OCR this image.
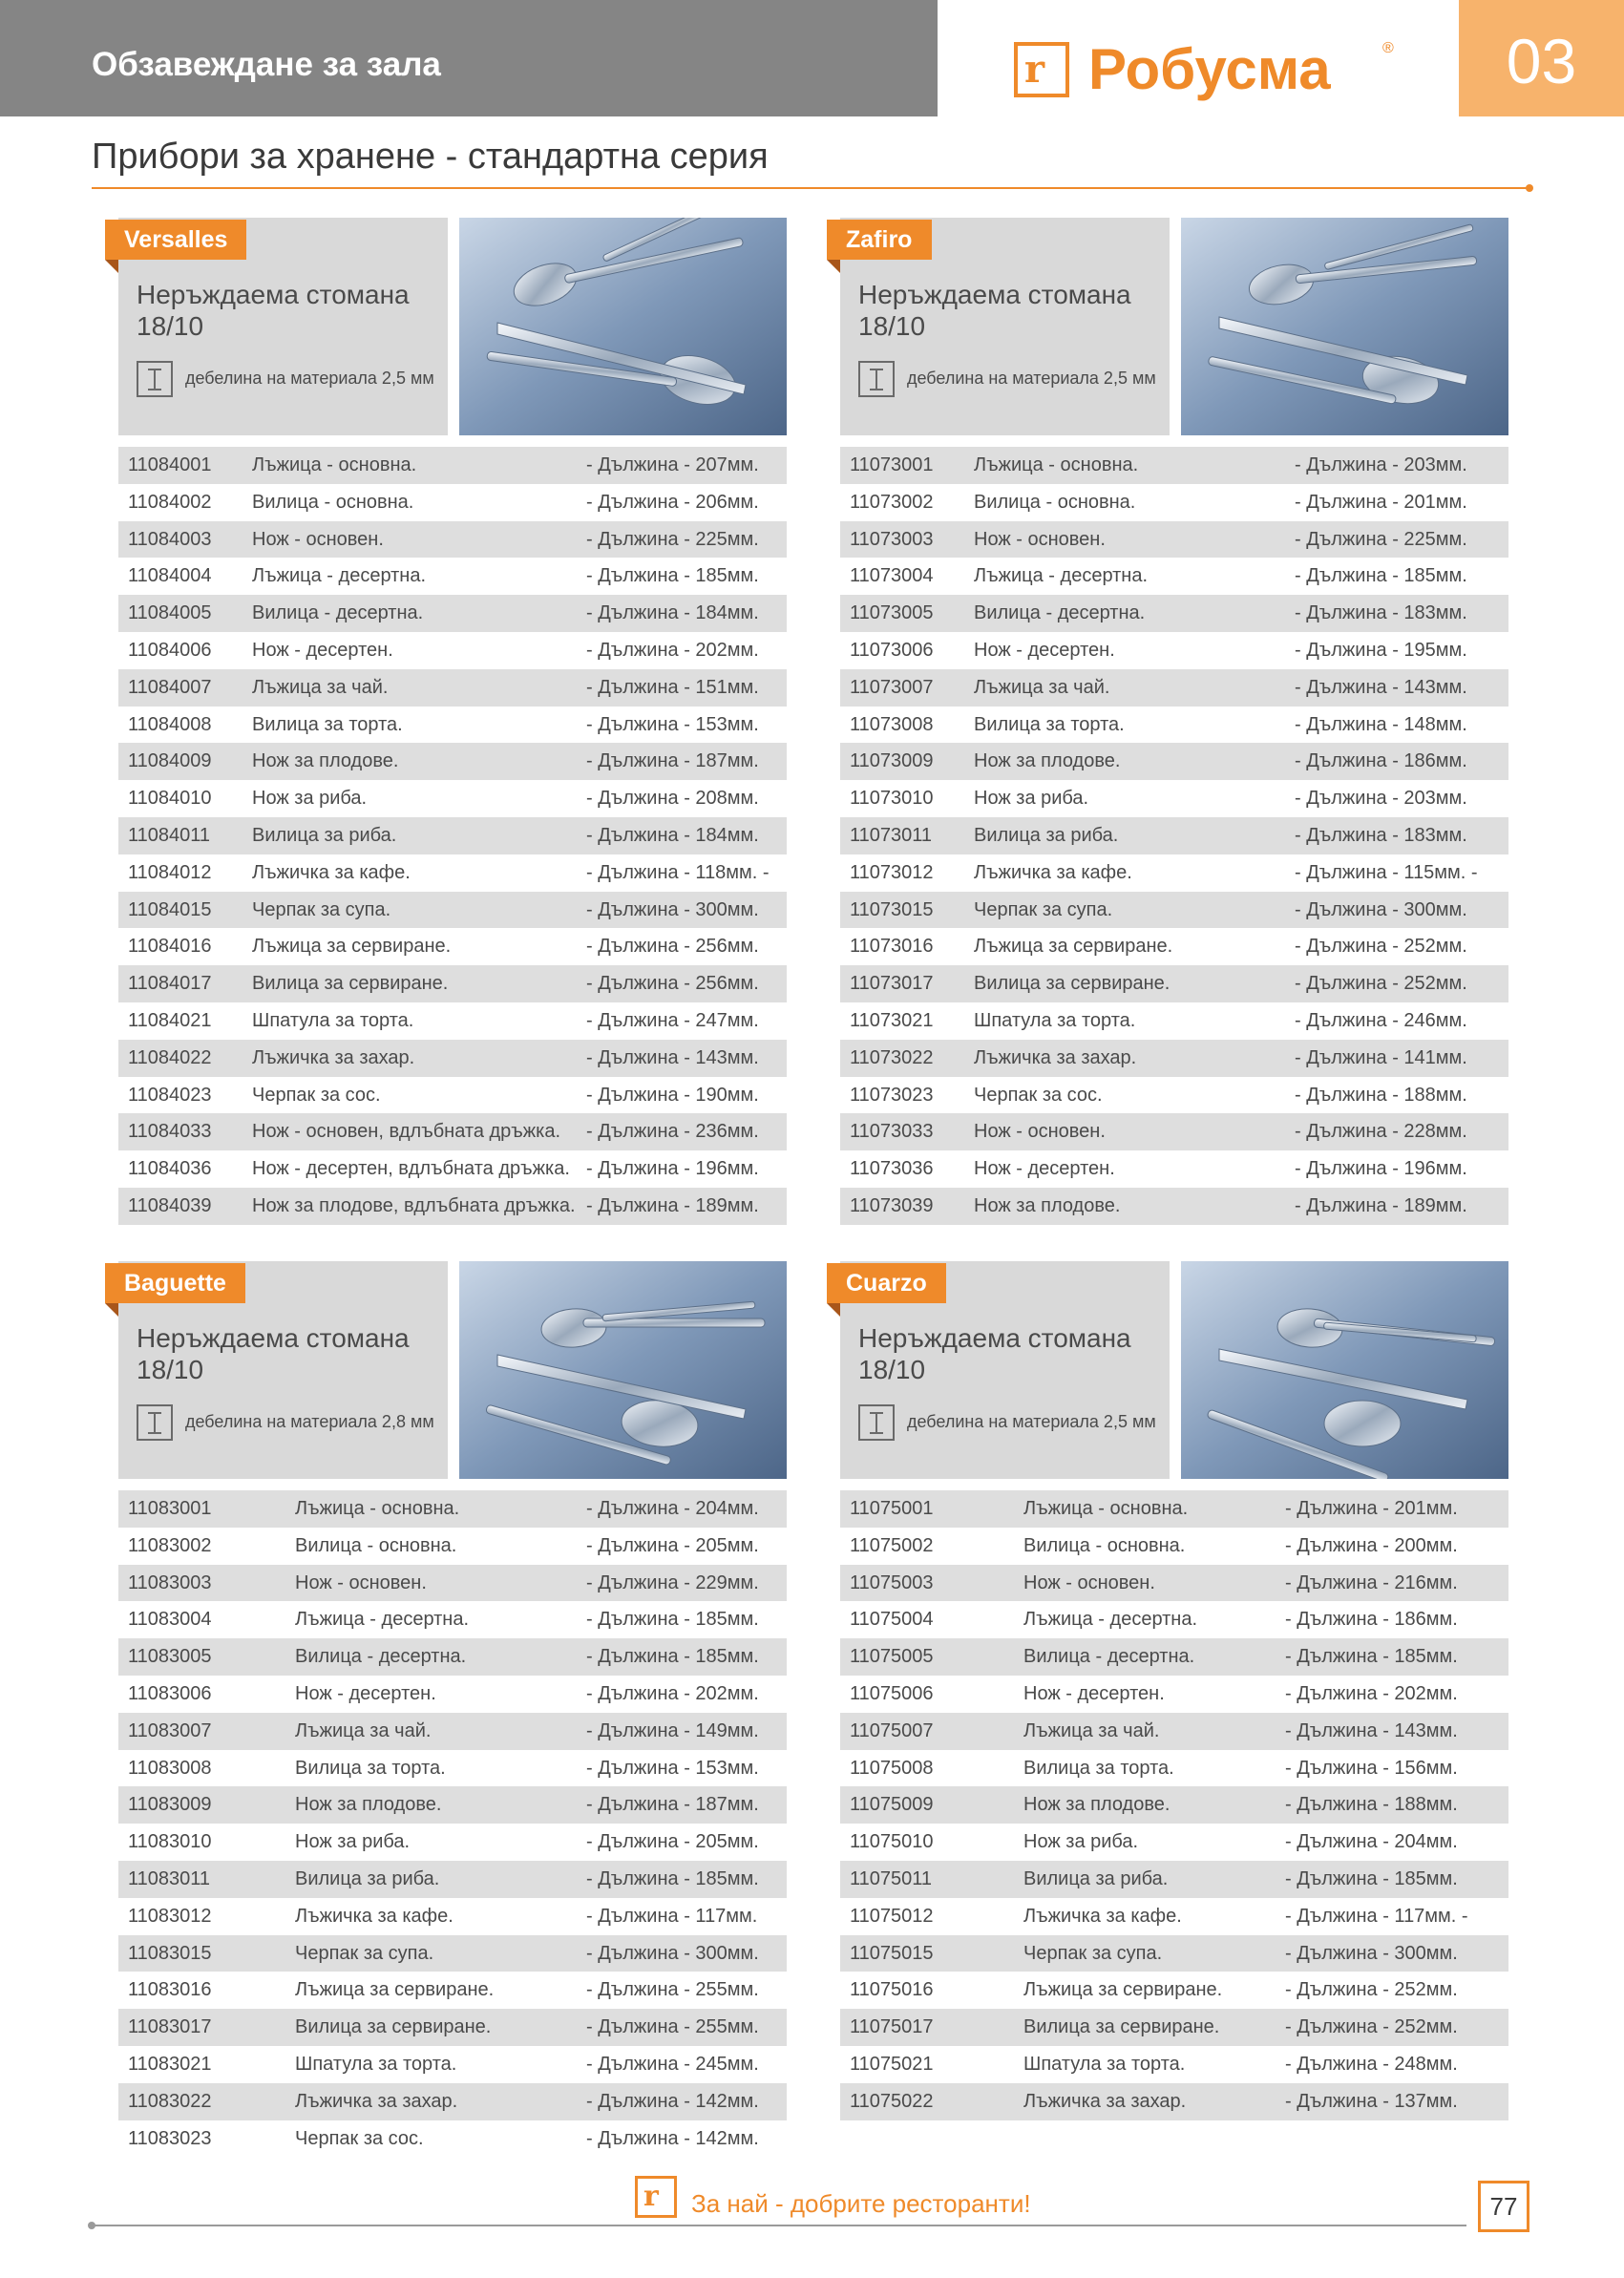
Обзавеждане за зала	r Робусма	®	03
Прибори за хранене - стандартна серия
Versalles
Неръждаема стомана 18/10
дебелина на материала 2,5 мм
11084001 Лъжица - основна.	- Дължина - 207мм.
11084002 Вилица - основна.	- Дължина - 206мм.
11084003 Нож - основен.	- Дължина - 225мм.
11084004 Лъжица - десертна.	- Дължина - 185мм.
11084005 Вилица - десертна.	- Дължина - 184мм.
11084006 Нож - десертен.	- Дължина - 202мм.
11084007 Лъжица за чай.	- Дължина - 151мм.
11084008 Вилица за торта.	- Дължина - 153мм.
11084009 Нож за плодове.	- Дължина - 187мм.
11084010 Нож за риба.	- Дължина - 208мм.
11084011 Вилица за риба.	- Дължина - 184мм.
11084012 Лъжичка за кафе.	- Дължина - 118мм. -
11084015 Черпак за супа.	- Дължина - 300мм.
11084016 Лъжица за сервиране.	- Дължина - 256мм.
11084017 Вилица за сервиране.	- Дължина - 256мм.
11084021 Шпатула за торта.	- Дължина - 247мм.
11084022 Лъжичка за захар.	- Дължина - 143мм.
11084023 Черпак за сос.	- Дължина - 190мм.
11084033 Нож - основен, вдлъбната дръжка. - Дължина - 236мм.
11084036 Нож - десертен, вдлъбната дръжка. - Дължина - 196мм.
11084039 Нож за плодове, вдлъбната дръжка. - Дължина - 189мм.
Zafiro
Неръждаема стомана 18/10
дебелина на материала 2,5 мм
11073001 Лъжица - основна.	- Дължина - 203мм.
11073002 Вилица - основна.	- Дължина - 201мм.
11073003 Нож - основен.	- Дължина - 225мм.
11073004 Лъжица - десертна.	- Дължина - 185мм.
11073005 Вилица - десертна.	- Дължина - 183мм.
11073006 Нож - десертен.	- Дължина - 195мм.
11073007 Лъжица за чай.	- Дължина - 143мм.
11073008 Вилица за торта.	- Дължина - 148мм.
11073009 Нож за плодове.	- Дължина - 186мм.
11073010 Нож за риба.	- Дължина - 203мм.
11073011 Вилица за риба.	- Дължина - 183мм.
11073012 Лъжичка за кафе.	- Дължина - 115мм. -
11073015 Черпак за супа.	- Дължина - 300мм.
11073016 Лъжица за сервиране.	- Дължина - 252мм.
11073017 Вилица за сервиране.	- Дължина - 252мм.
11073021 Шпатула за торта.	- Дължина - 246мм.
11073022 Лъжичка за захар.	- Дължина - 141мм.
11073023 Черпак за сос.	- Дължина - 188мм.
11073033 Нож - основен.	- Дължина - 228мм.
11073036 Нож - десертен.	- Дължина - 196мм.
11073039 Нож за плодове.	- Дължина - 189мм.
Baguette
Неръждаема стомана 18/10
дебелина на материала 2,8 мм
11083001	Лъжица - основна.	- Дължина - 204мм.
11083002	Вилица - основна.	- Дължина - 205мм.
11083003	Нож - основен.	- Дължина - 229мм.
11083004	Лъжица - десертна.	- Дължина - 185мм.
11083005	Вилица - десертна.	- Дължина - 185мм.
11083006	Нож - десертен.	- Дължина - 202мм.
11083007	Лъжица за чай.	- Дължина - 149мм.
11083008	Вилица за торта.	- Дължина - 153мм.
11083009	Нож за плодове.	- Дължина - 187мм.
11083010	Нож за риба.	- Дължина - 205мм.
11083011	Вилица за риба.	- Дължина - 185мм.
11083012	Лъжичка за кафе.	- Дължина - 117мм.
11083015	Черпак за супа.	- Дължина - 300мм.
11083016	Лъжица за сервиране.	- Дължина - 255мм.
11083017	Вилица за сервиране.	- Дължина - 255мм.
11083021	Шпатула за торта.	- Дължина - 245мм.
11083022	Лъжичка за захар.	- Дължина - 142мм.
11083023	Черпак за сос.	- Дължина - 142мм.
Cuarzo
Неръждаема стомана 18/10
дебелина на материала 2,5 мм
11075001	Лъжица - основна.	- Дължина - 201мм.
11075002	Вилица - основна.	- Дължина - 200мм.
11075003	Нож - основен.	- Дължина - 216мм.
11075004	Лъжица - десертна.	- Дължина - 186мм.
11075005	Вилица - десертна.	- Дължина - 185мм.
11075006	Нож - десертен.	- Дължина - 202мм.
11075007	Лъжица за чай.	- Дължина - 143мм.
11075008	Вилица за торта.	- Дължина - 156мм.
11075009	Нож за плодове.	- Дължина - 188мм.
11075010	Нож за риба.	- Дължина - 204мм.
11075011	Вилица за риба.	- Дължина - 185мм.
11075012	Лъжичка за кафе.	- Дължина - 117мм. -
11075015	Черпак за супа.	- Дължина - 300мм.
11075016	Лъжица за сервиране.	- Дължина - 252мм.
11075017	Вилица за сервиране.	- Дължина - 252мм.
11075021	Шпатула за торта.	- Дължина - 248мм.
11075022	Лъжичка за захар.	- Дължина - 137мм.
r За най - добрите ресторанти!	77
